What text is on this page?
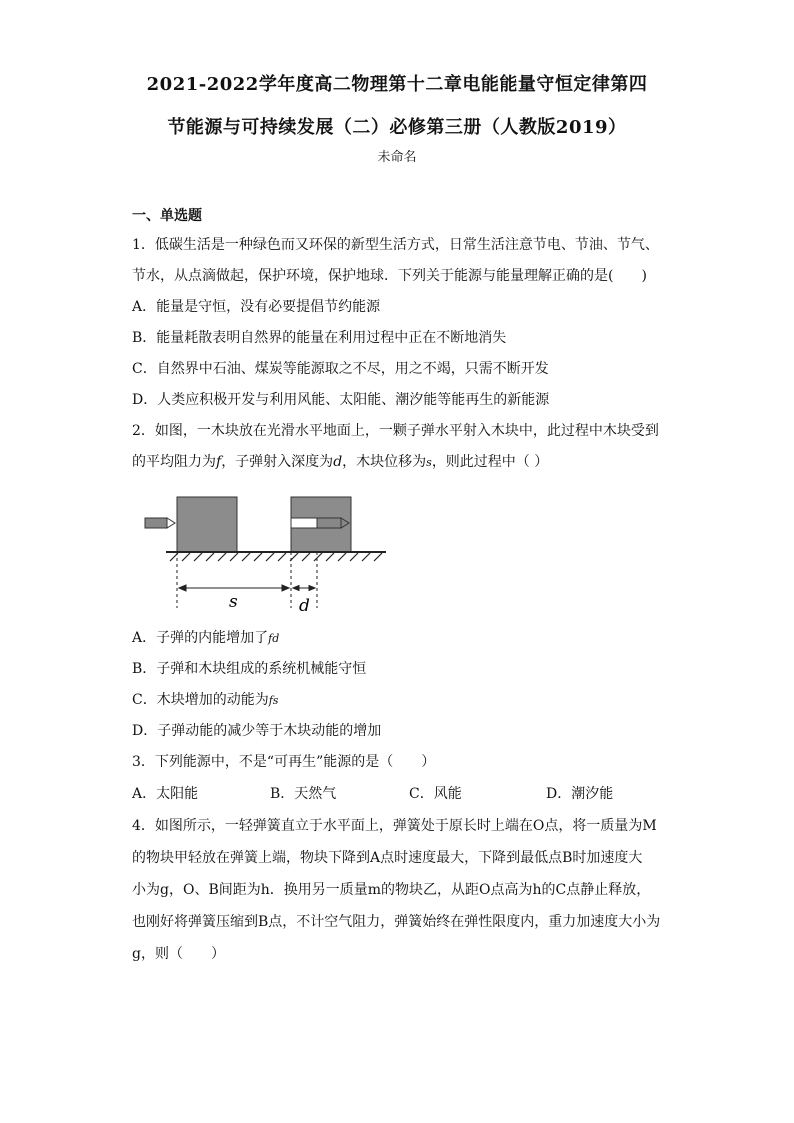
2021-2022学年度高二物理第十二章电能能量守恒定律第四
节能源与可持续发展（二）必修第三册（人教版2019）
未命名
一、单选题
1．低碳生活是一种绿色而又环保的新型生活方式，日常生活注意节电、节油、节气、
节水，从点滴做起，保护环境，保护地球．下列关于能源与能量理解正确的是(　　)
A．能量是守恒，没有必要提倡节约能源
B．能量耗散表明自然界的能量在利用过程中正在不断地消失
C．自然界中石油、煤炭等能源取之不尽，用之不竭，只需不断开发
D．人类应积极开发与利用风能、太阳能、潮汐能等能再生的新能源
2．如图，一木块放在光滑水平地面上，一颗子弹水平射入木块中，此过程中木块受到
的平均阻力为f，子弹射入深度为d，木块位移为s，则此过程中（ ）
s	d
A．子弹的内能增加了fd
B．子弹和木块组成的系统机械能守恒
C．木块增加的动能为fs
D．子弹动能的减少等于木块动能的增加
3．下列能源中，不是“可再生”能源的是（　　）
A．太阳能	B．天然气	C．风能	D．潮汐能
4．如图所示，一轻弹簧直立于水平面上，弹簧处于原长时上端在O点，将一质量为M
的物块甲轻放在弹簧上端，物块下降到A点时速度最大，下降到最低点B时加速度大
小为g，O、B间距为h．换用另一质量m的物块乙，从距O点高为h的C点静止释放，
也刚好将弹簧压缩到B点，不计空气阻力，弹簧始终在弹性限度内，重力加速度大小为
g，则（　　）
